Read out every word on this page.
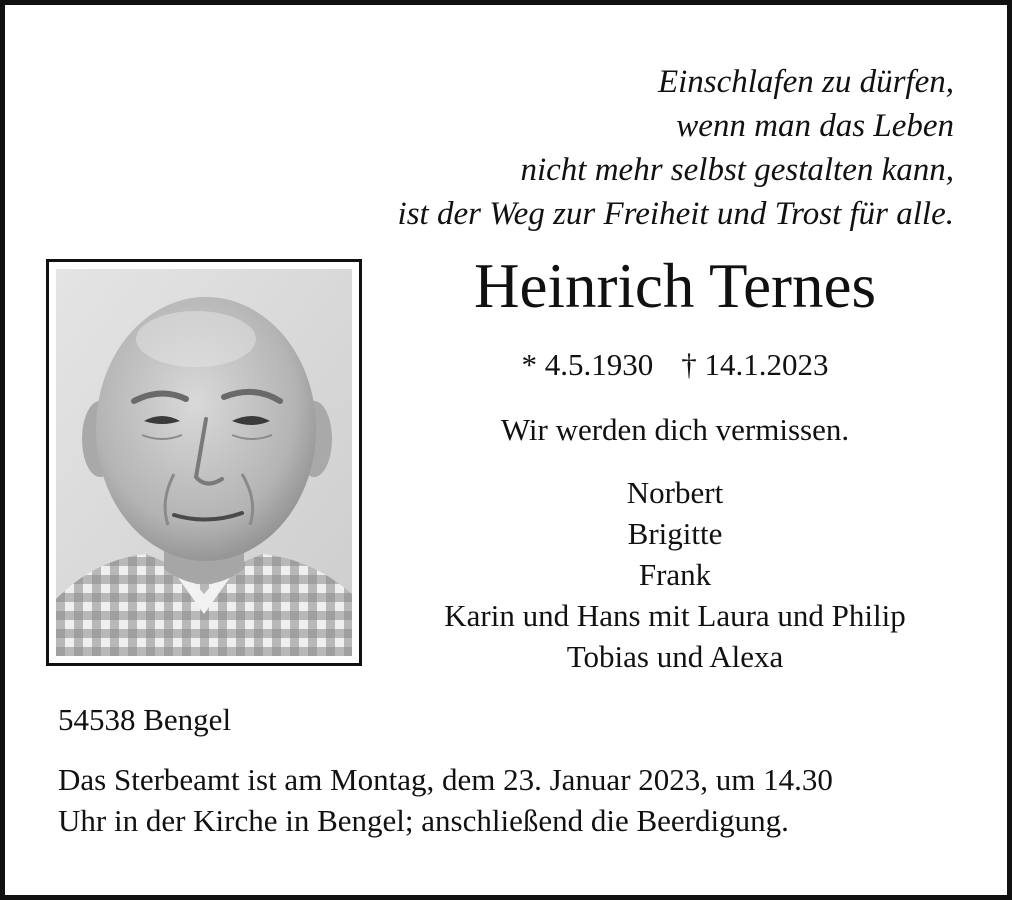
Einschlafen zu dürfen,
wenn man das Leben
nicht mehr selbst gestalten kann,
ist der Weg zur Freiheit und Trost für alle.
Heinrich Ternes
* 4.5.1930 † 14.1.2023
Wir werden dich vermissen.
Norbert
Brigitte
Frank
Karin und Hans mit Laura und Philip
Tobias und Alexa
54538 Bengel
Das Sterbeamt ist am Montag, dem 23. Januar 2023, um 14.30
Uhr in der Kirche in Bengel; anschließend die Beerdigung.
